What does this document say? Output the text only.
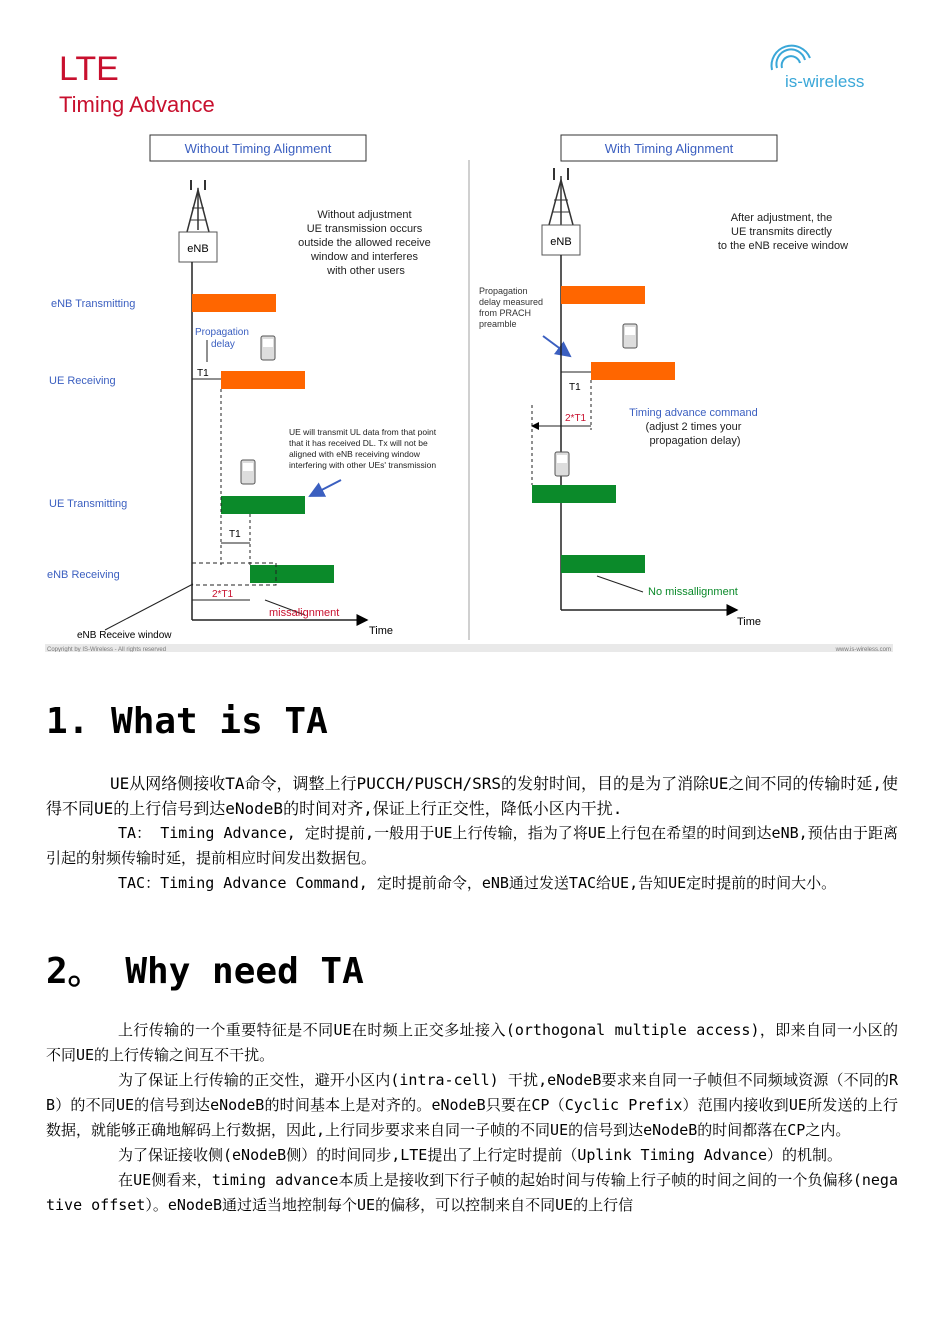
LTE
Timing Advance
is-wireless
Without Timing Alignment
eNB
Without adjustment UE transmission occurs outside the allowed receive window and interferes with other users
eNB Transmitting
UE Receiving
UE Transmitting
eNB Receiving
Time
Propagation delay
T1
T1
2*T1
UE will transmit UL data from that point that it has received DL. Tx will not be aligned with eNB receiving window interfering with other UEs' transmission
missalignment
eNB Receive window
With Timing Alignment
eNB
After adjustment, the UE transmits directly to the eNB receive window
Propagation delay measured from PRACH preamble
Time
T1
2*T1	Timing advance command (adjust 2 times your propagation delay)
No missallignment
Copyright by IS-Wireless - All rights reserved	www.is-wireless.com
1. What is TA
UE从网络侧接收TA命令，调整上行PUCCH/PUSCH/SRS的发射时间，目的是为了消除UE之间不同的传输时延,使得不同UE的上行信号到达eNodeB的时间对齐,保证上行正交性，降低小区内干扰.
TA： Timing Advance, 定时提前,一般用于UE上行传输，指为了将UE上行包在希望的时间到达eNB,预估由于距离引起的射频传输时延，提前相应时间发出数据包。
TAC：Timing Advance Command, 定时提前命令，eNB通过发送TAC给UE,告知UE定时提前的时间大小。
2。 Why need TA
上行传输的一个重要特征是不同UE在时频上正交多址接入(orthogonal multiple access)，即来自同一小区的不同UE的上行传输之间互不干扰。
为了保证上行传输的正交性，避开小区内(intra-cell) 干扰,eNodeB要求来自同一子帧但不同频域资源（不同的RB）的不同UE的信号到达eNodeB的时间基本上是对齐的。eNodeB只要在CP（Cyclic Prefix）范围内接收到UE所发送的上行数据，就能够正确地解码上行数据，因此,上行同步要求来自同一子帧的不同UE的信号到达eNodeB的时间都落在CP之内。
为了保证接收侧(eNodeB侧）的时间同步,LTE提出了上行定时提前（Uplink Timing Advance）的机制。
在UE侧看来，timing advance本质上是接收到下行子帧的起始时间与传输上行子帧的时间之间的一个负偏移(negative offset）。eNodeB通过适当地控制每个UE的偏移，可以控制来自不同UE的上行信
